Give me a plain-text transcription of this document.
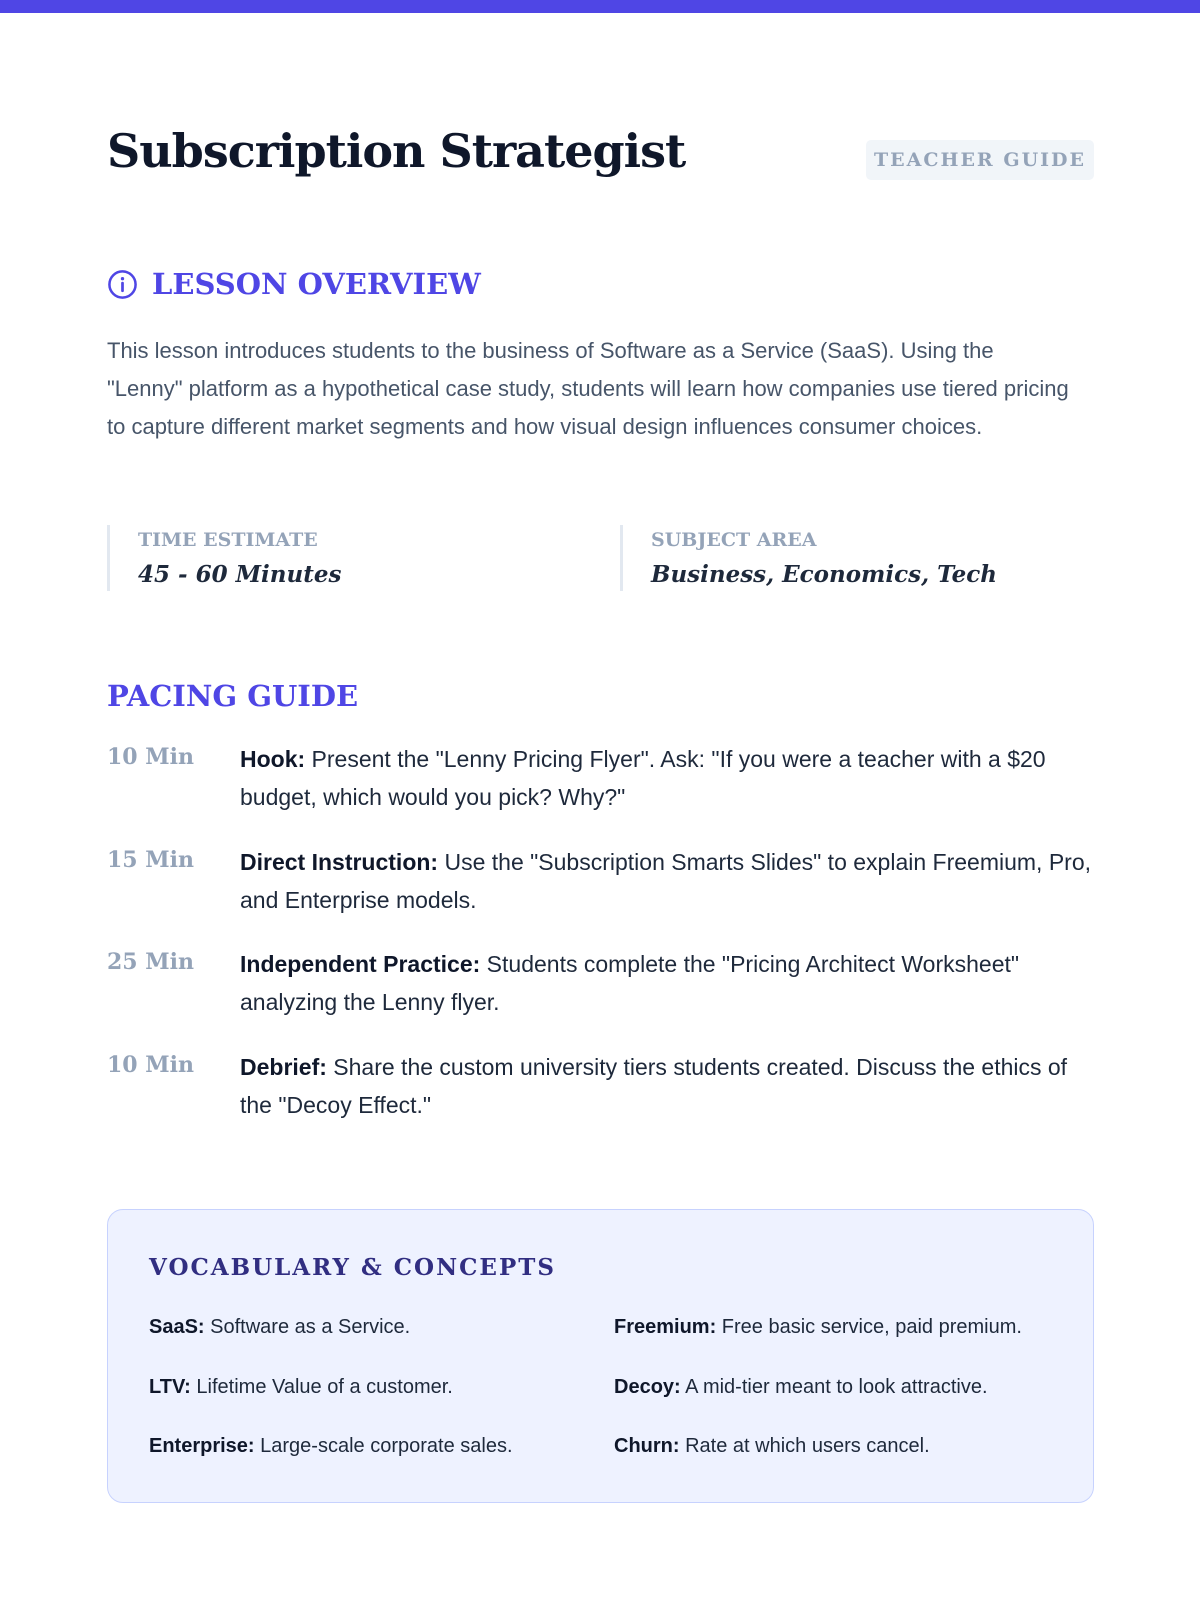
Subscription Strategist	TEACHER GUIDE
LESSON OVERVIEW

This lesson introduces students to the business of Software as a Service (SaaS). Using the "Lenny" platform as a hypothetical case study, students will learn how companies use tiered pricing to capture different market segments and how visual design influences consumer choices.

TIME ESTIMATE
45 - 60 Minutes
SUBJECT AREA
Business, Economics, Tech
PACING GUIDE
10 Min Hook: Present the "Lenny Pricing Flyer". Ask: "If you were a teacher with a $20 budget, which would you pick? Why?"
15 Min Direct Instruction: Use the "Subscription Smarts Slides" to explain Freemium, Pro, and Enterprise models.
25 Min Independent Practice: Students complete the "Pricing Architect Worksheet" analyzing the Lenny flyer.
10 Min Debrief: Share the custom university tiers students created. Discuss the ethics of the "Decoy Effect."
VOCABULARY & CONCEPTS
SaaS: Software as a Service.	Freemium: Free basic service, paid premium.
LTV: Lifetime Value of a customer.	Decoy: A mid-tier meant to look attractive.
Enterprise: Large-scale corporate sales.	Churn: Rate at which users cancel.
